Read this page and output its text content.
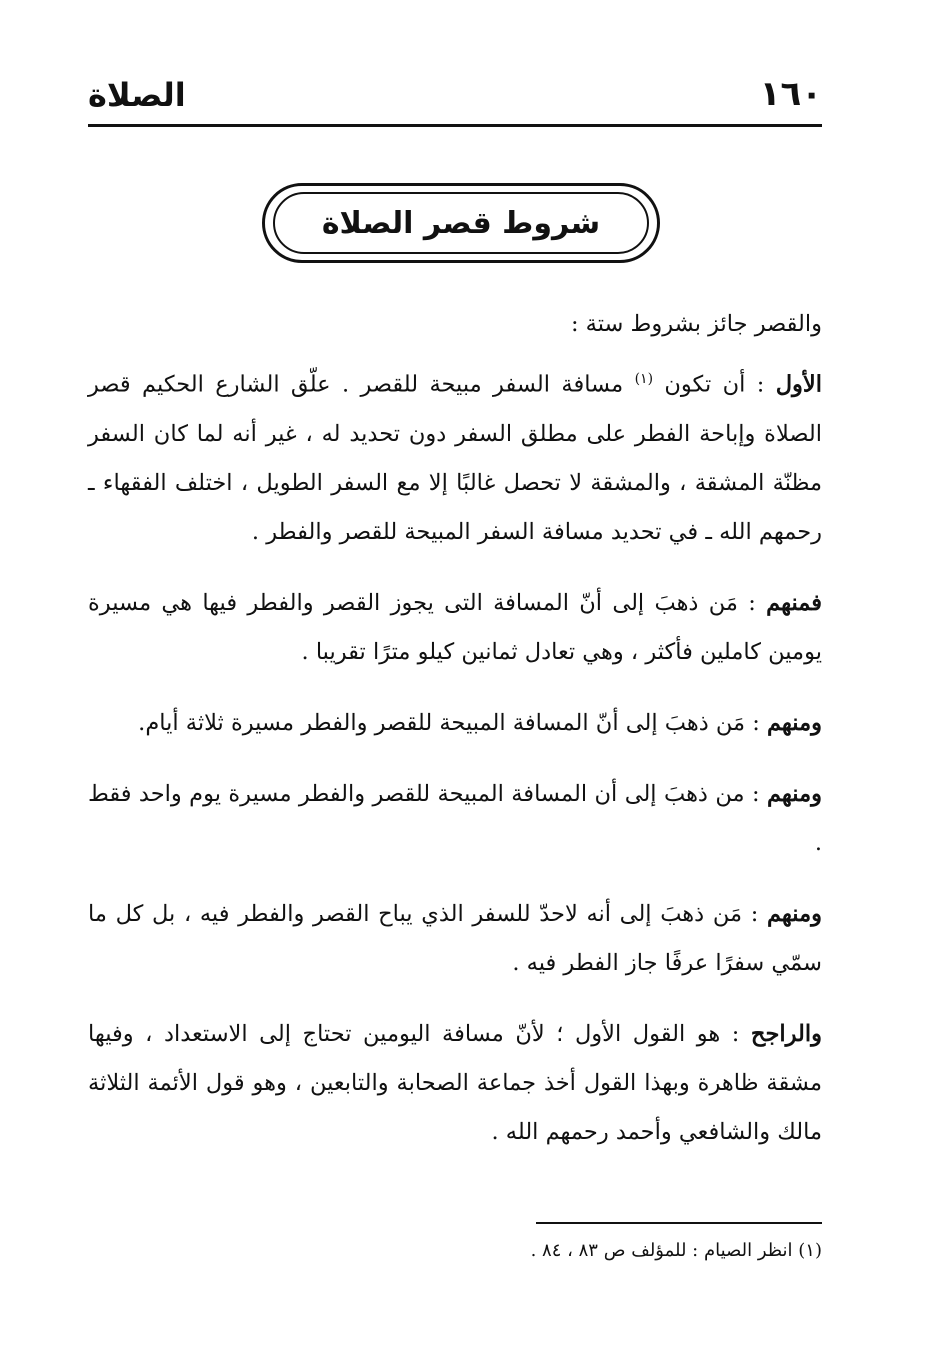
١٦٠
الصلاة
شروط قصر الصلاة

والقصر جائز بشروط ستة :

الأول : أن تكون $^{(١)}$ مسافة السفر مبيحة للقصر . علّق الشارع الحكيم قصر الصلاة وإباحة الفطر على مطلق السفر دون تحديد له ، غير أنه لما كان السفر مظنّة المشقة ، والمشقة لا تحصل غالبًا إلا مع السفر الطويل ، اختلف الفقهاء ـ رحمهم الله ـ في تحديد مسافة السفر المبيحة للقصر والفطر .

فمنهم : مَن ذهبَ إلى أنّ المسافة التى يجوز القصر والفطر فيها هي مسيرة يومين كاملين فأكثر ، وهي تعادل ثمانين كيلو مترًا تقريبا .

ومنهم : مَن ذهبَ إلى أنّ المسافة المبيحة للقصر والفطر مسيرة ثلاثة أيام.

ومنهم : من ذهبَ إلى أن المسافة المبيحة للقصر والفطر مسيرة يوم واحد فقط .

ومنهم : مَن ذهبَ إلى أنه لاحدّ للسفر الذي يباح القصر والفطر فيه ، بل كل ما سمّي سفرًا عرفًا جاز الفطر فيه .

والراجح : هو القول الأول ؛ لأنّ مسافة اليومين تحتاج إلى الاستعداد ، وفيها مشقة ظاهرة وبهذا القول أخذ جماعة الصحابة والتابعين ، وهو قول الأئمة الثلاثة مالك والشافعي وأحمد رحمهم الله .

(١) انظر الصيام : للمؤلف ص ٨٣ ، ٨٤ .
